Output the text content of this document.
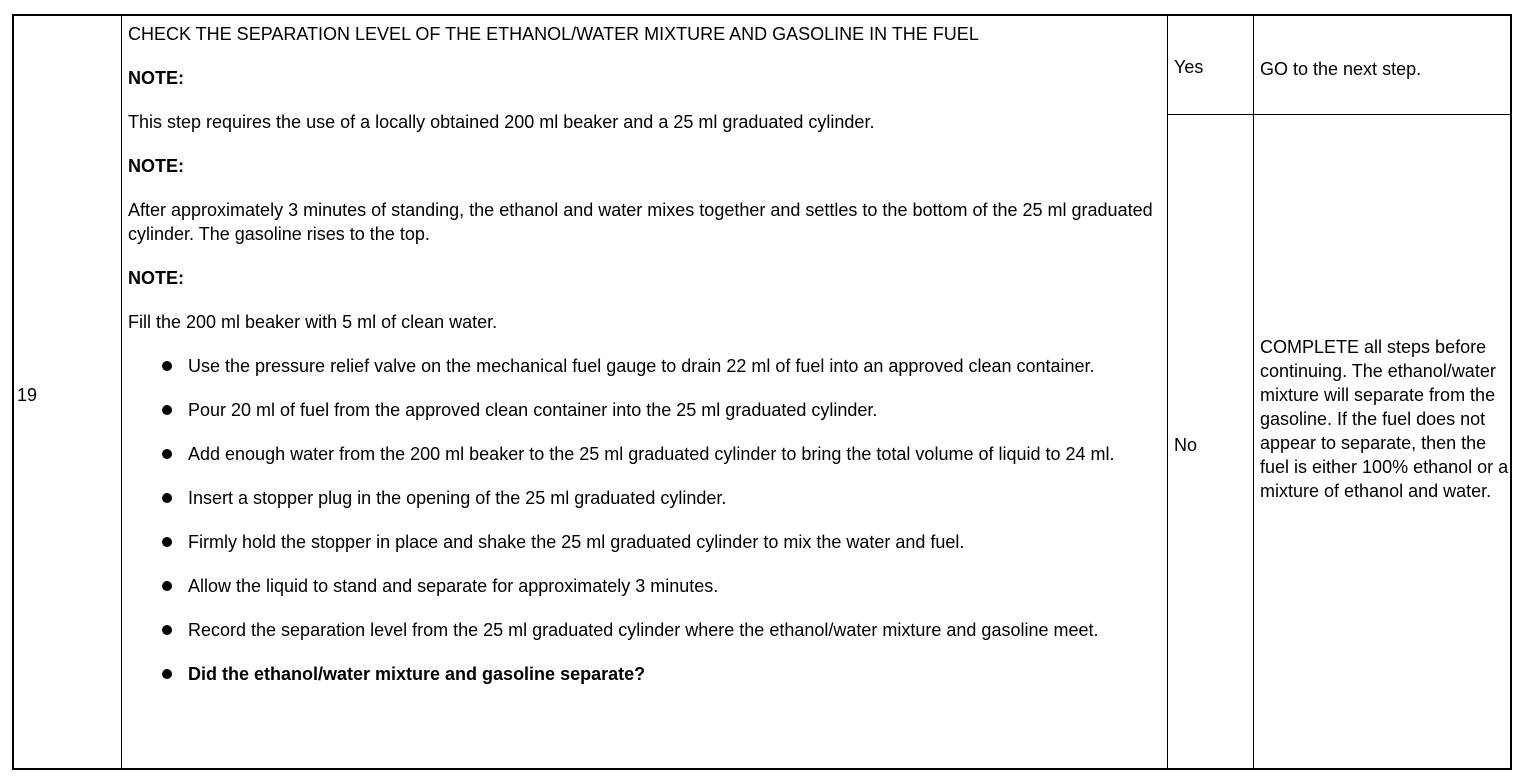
19

CHECK THE SEPARATION LEVEL OF THE ETHANOL/WATER MIXTURE AND GASOLINE IN THE FUEL

NOTE:

This step requires the use of a locally obtained 200 ml beaker and a 25 ml graduated cylinder.

NOTE:

After approximately 3 minutes of standing, the ethanol and water mixes together and settles to the bottom of the 25 ml graduated cylinder. The gasoline rises to the top.

NOTE:

Fill the 200 ml beaker with 5 ml of clean water.

Use the pressure relief valve on the mechanical fuel gauge to drain 22 ml of fuel into an approved clean container.
Pour 20 ml of fuel from the approved clean container into the 25 ml graduated cylinder.
Add enough water from the 200 ml beaker to the 25 ml graduated cylinder to bring the total volume of liquid to 24 ml.
Insert a stopper plug in the opening of the 25 ml graduated cylinder.
Firmly hold the stopper in place and shake the 25 ml graduated cylinder to mix the water and fuel.
Allow the liquid to stand and separate for approximately 3 minutes.
Record the separation level from the 25 ml graduated cylinder where the ethanol/water mixture and gasoline meet.
Did the ethanol/water mixture and gasoline separate?
Yes	GO to the next step.
No
COMPLETE all steps before continuing. The ethanol/water mixture will separate from the gasoline. If the fuel does not appear to separate, then the fuel is either 100% ethanol or a mixture of ethanol and water.
